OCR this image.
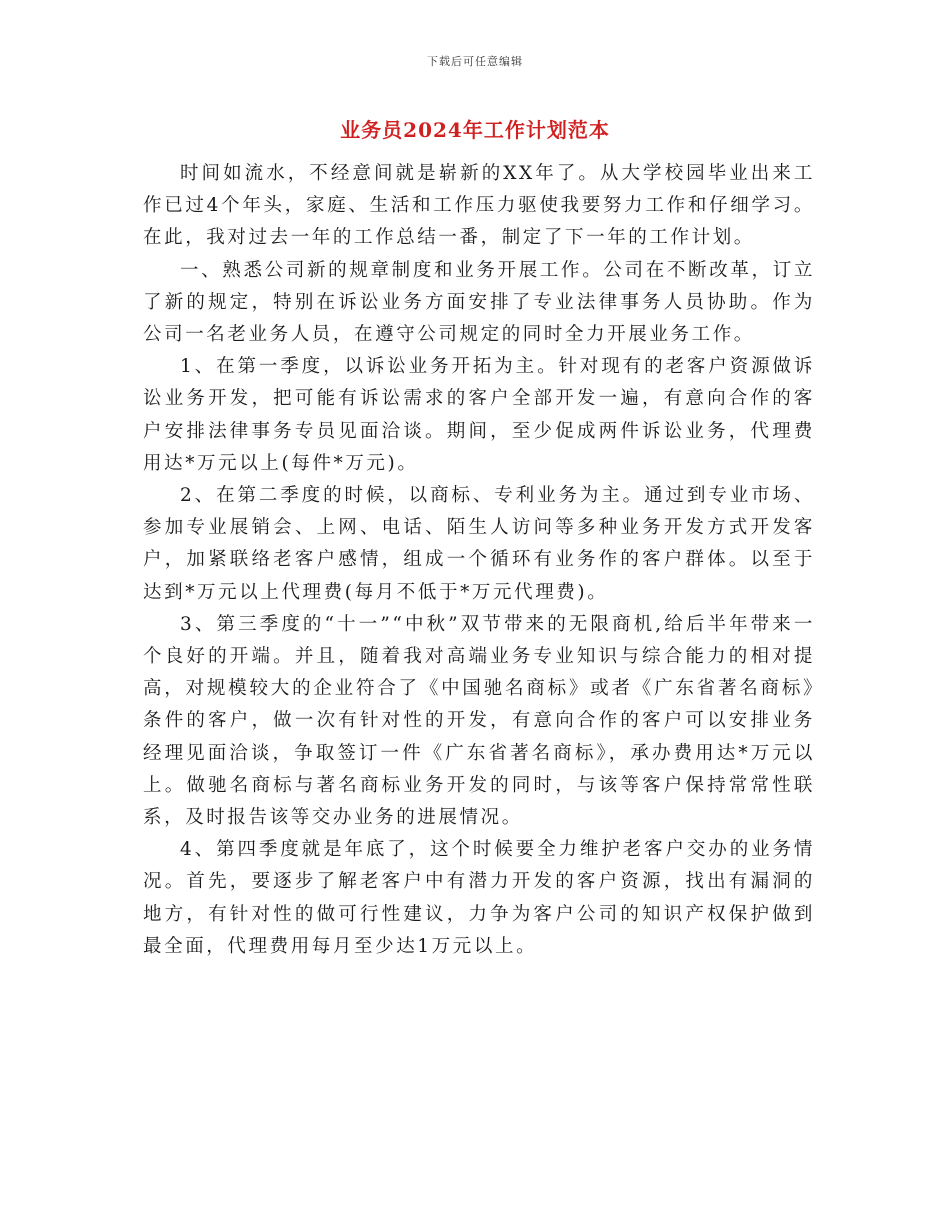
下载后可任意编辑
业务员2024年工作计划范本

时间如流水，不经意间就是崭新的XX年了。从大学校园毕业出来工作已过4个年头，家庭、生活和工作压力驱使我要努力工作和仔细学习。在此，我对过去一年的工作总结一番，制定了下一年的工作计划。

一、熟悉公司新的规章制度和业务开展工作。公司在不断改革，订立了新的规定，特别在诉讼业务方面安排了专业法律事务人员协助。作为公司一名老业务人员，在遵守公司规定的同时全力开展业务工作。

1、在第一季度，以诉讼业务开拓为主。针对现有的老客户资源做诉讼业务开发，把可能有诉讼需求的客户全部开发一遍，有意向合作的客户安排法律事务专员见面洽谈。期间，至少促成两件诉讼业务，代理费用达*万元以上(每件*万元)。

2、在第二季度的时候，以商标、专利业务为主。通过到专业市场、参加专业展销会、上网、电话、陌生人访问等多种业务开发方式开发客户，加紧联络老客户感情，组成一个循环有业务作的客户群体。以至于达到*万元以上代理费(每月不低于*万元代理费)。

3、第三季度的“十一”“中秋”双节带来的无限商机,给后半年带来一个良好的开端。并且，随着我对高端业务专业知识与综合能力的相对提高，对规模较大的企业符合了《中国驰名商标》或者《广东省著名商标》条件的客户，做一次有针对性的开发，有意向合作的客户可以安排业务经理见面洽谈，争取签订一件《广东省著名商标》，承办费用达*万元以上。做驰名商标与著名商标业务开发的同时，与该等客户保持常常性联系，及时报告该等交办业务的进展情况。

4、第四季度就是年底了，这个时候要全力维护老客户交办的业务情况。首先，要逐步了解老客户中有潜力开发的客户资源，找出有漏洞的地方，有针对性的做可行性建议，力争为客户公司的知识产权保护做到最全面，代理费用每月至少达1万元以上。
